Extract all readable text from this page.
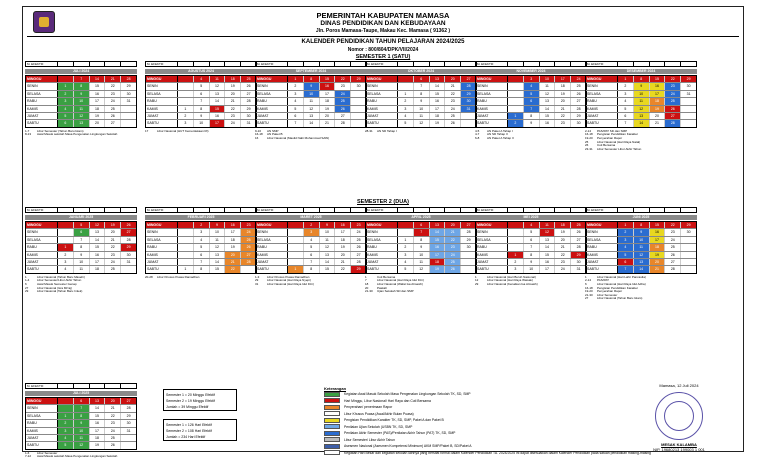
PEMERINTAH KABUPATEN MAMASA
DINAS PENDIDIKAN DAN KEBUDAYAAN
Jln. Poros Mamasa-Taupe, Makau Kec. Mamasa ( 91362 )
KALENDER PENDIDIKAN TAHUN PELAJARAN 2024/2025
Nomor : 800/804/DPK/VII/2024
SEMESTER 1 (SATU)
SEMESTER 2 (DUA)
M. EFEKTIF
JULI 2024
MINGGU	7	14	21	28
SENIN	1	8	15	22	29
SELASA	2	9	16	23	30
RABU	3	10	17	24	31
KAMIS	4	11	18	25
JUMAT	5	12	19	26
SABTU	6	13	20	27
1-7	Libur Semester (Tahun Baru Islam)
8-13	Awal Masuk sekolah Masa Pengenalan Lingkungan Sekolah
M. EFEKTIF
AGUSTUS 2024
MINGGU	4	11	18	25
SENIN	5	12	19	26
SELASA	6	13	20	27
RABU	7	14	21	28
KAMIS	1	8	15	22	29
JUMAT	2	9	16	23	30
SABTU	3	10	17	24	31
17	Libur Nasional (HUT Kemerdekaan RI)
M. EFEKTIF
SEPTEMBER 2024
MINGGU	1	8	15	22	29
SENIN	2	9	16	23	30
SELASA	3	10	17	24
RABU	4	11	18	25
KAMIS	5	12	19	26
JUMAT	6	13	20	27
SABTU	7	14	21	28
9-10	AN SMP
16-18	AN Paket B
16	Libur Nasional (Maulid Nabi Muhammad SAW)
M. EFEKTIF
OKTOBER 2024
MINGGU	6	13	20	27
SENIN	7	14	21	28
SELASA	1	8	15	22	29
RABU	2	9	16	23	30
KAMIS	3	10	17	24	31
JUMAT	4	11	18	25
SABTU	5	12	19	26
28-31	AN SD Tahap I
M. EFEKTIF
NOVEMBER 2024
MINGGU	3	10	17	24
SENIN	4	11	18	25
SELASA	5	12	19	26
RABU	6	13	20	27
KAMIS	7	14	21	28
JUMAT	1	8	15	22	29
SABTU	2	9	16	23	30
4-5	AN Paket A Tahap I
4-7	AN SD Tahap II
6-8	AN Paket A Tahap II
M. EFEKTIF
DESEMBER 2024
MINGGU	1	8	15	22	29
SENIN	2	9	16	23	30
SELASA	3	10	17	24	31
RABU	4	11	18	25
KAMIS	5	12	19	26
JUMAT	6	13	20	27
SABTU	7	14	21	28
2-14	PAS/PAT SD dan SMP
16-18	Pengisian Pendidikan Karakter
19-20	Penyerahan Rapor
25	Libur Nasional (Hari Raya Natal)
26	Cuti Bersama
23-31	Libur Semester Libur Akhir Tahun
M. EFEKTIF
JANUARI 2025
MINGGU	5	12	19	26
SENIN	6	13	20	27
SELASA	7	14	21	28
RABU	1	8	15	22	29
KAMIS	2	9	16	23	30
JUMAT	3	10	17	24	31
SABTU	4	11	18	25
1	Libur Nasional (Tahun Baru Masehi)
1-4	Libur Semester/Libur Akhir Tahun
6	Awal Masuk Semester Genap
27	Libur Nasional (Isra Mi'raj)
29	Libur Nasional (Tahun Baru Imlek)
M. EFEKTIF
FEBRUARI 2025
MINGGU	2	9	16	23
SENIN	3	10	17	24
SELASA	4	11	18	25
RABU	5	12	19	26
KAMIS	6	13	20	27
JUMAT	7	14	21	28
SABTU	1	8	15	22
20-28	Libur Khusus Puasa Ramadhan
M. EFEKTIF
MARET 2025
MINGGU	2	9	16	23
SENIN	3	10	17	24
SELASA	4	11	18	25
RABU	5	12	19	26
KAMIS	6	13	20	27
JUMAT	7	14	21	28
SABTU	1	8	15	22	29
1-3	Libur Khusus Puasa Ramadhan
29	Libur Nasional (Hari Raya Nyepi)
31	Libur Nasional (Hari Raya Idul Fitri)
M. EFEKTIF
APRIL 2025
MINGGU	6	13	20	27
SENIN	7	14	21	28
SELASA	1	8	15	22	29
RABU	2	9	16	23	30
KAMIS	3	10	17	24
JUMAT	4	11	18	25
SABTU	5	12	19	26
1	Cuti Bersama
7	Libur Nasional (Hari Raya Idul Fitri)
18	Libur Nasional (Wafat Isa Almasih)
20	Paskah
21-30	Ujian Sekolah SD dan SMP
M. EFEKTIF
MEI 2025
MINGGU	4	11	18	25
SENIN	5	12	19	26
SELASA	6	13	20	27
RABU	7	14	21	28
KAMIS	1	8	15	22	29
JUMAT	2	9	16	23	30
SABTU	3	10	17	24	31
1	Libur Nasional (Hari Buruh Nasional)
12	Libur Nasional (Hari Raya Waisak)
29	Libur Nasional (Kenaikan Isa Almasih)
M. EFEKTIF
JUNI 2025
MINGGU	1	8	15	22	29
SENIN	2	9	16	23	30
SELASA	3	10	17	24
RABU	4	11	18	25
KAMIS	5	12	19	26
JUMAT	6	13	20	27
SABTU	7	14	21	28
1	Libur Nasional (Hari Lahir Pancasila)
2-14	PAS/PAT
6	Libur Nasional (Hari Raya Idul Adha)
16-18	Pengisian Pendidikan Karakter
19-20	Penyerahan Rapor
21-30	Libur Semester
27	Libur Nasional (Tahun Baru Islam)
M. EFEKTIF
JULI 2025
MINGGU	6	13	20	27
SENIN	7	14	21	28
SELASA	1	8	15	22	29
RABU	2	9	16	23	30
KAMIS	3	10	17	24	31
JUMAT	4	11	18	25
SABTU	5	12	19	26
1-6	Libur Semester
7-12	Awal Masuk sekolah Masa Pengenalan Lingkungan Sekolah
Semester 1 = 20 Minggu Efektif
Semester 2 = 19 Minggu Efektif
Jumlah = 39 Minggu Efektif
Semester 1 = 126 Hari Efektif
Semester 2 = 108 Hari Efektif
Jumlah = 234 Hari Efektif
Keterangan
Kegiatan Awal Masuk Sekolah Masa Pengenalan Lingkungan Sekolah TK, SD, SMP
Hari Minggu, Libur Nasional/ Hari Raya dan Cuti Bersama
Penyerahan/ penerimaan Rapor
Libur Khusus Puasa (Awal/Akhir Bulan Puasa)
Pengisian Pendidikan Karakter TK, SD, SMP, Paket A dan Paket B
Penilaian Ujian Sekolah (USBN TK, SD, SMP
Penilaian Akhir Semester (PAS)/Penilaian Akhir Tahun (PAT) TK, SD, SMP
Libur Semester/ Libur Akhir Tahun
Asesmen Nasional (Asesmen Kompetensi Minimum) AKM SMP/Paket B, SD/Paket A
Kegiatan Hari Besar dan kegiatan sekolah lainnya yang bersifat formal dalam Kalender Pendidikan TA. 2024/2025 ini dapat disesuaikan dalam Kalender Pendidikan pada satuan pendidikan masing-masing
Mamasa, 12 Juli 2024
MESAK KALAMBA
NIP. 19680213 199003 1 001
